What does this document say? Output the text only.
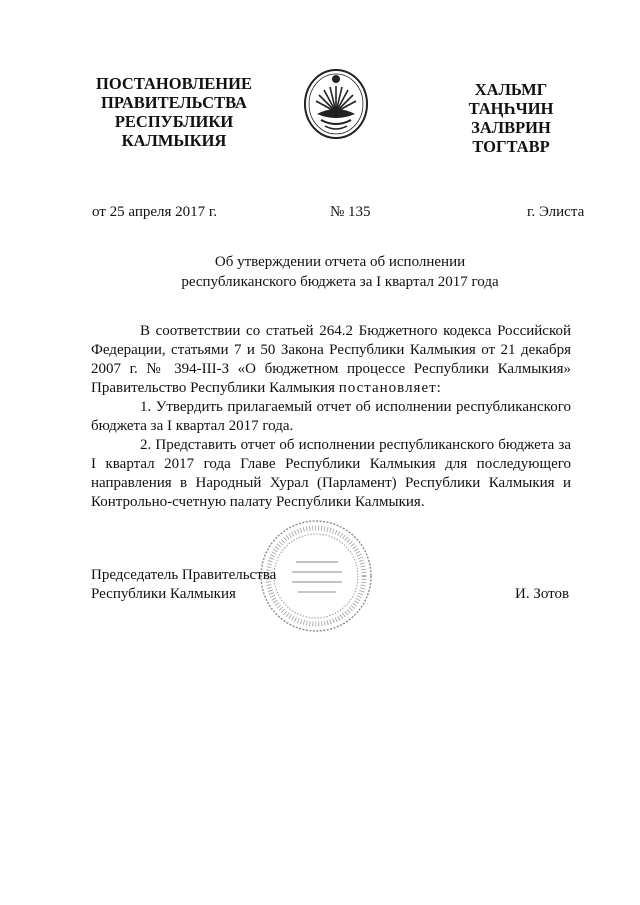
ПОСТАНОВЛЕНИЕ
ПРАВИТЕЛЬСТВА
РЕСПУБЛИКИ
КАЛМЫКИЯ
ХАЛЬМГ
ТАҢҺЧИН
ЗАЛВРИН
ТОГТАВР
от 25 апреля 2017 г.	№ 135	г. Элиста
Об утверждении отчета об исполнении
республиканского бюджета за I квартал 2017 года

В соответствии со статьей 264.2 Бюджетного кодекса Российской Федерации, статьями 7 и 50 Закона Республики Калмыкия от 21 декабря 2007 г. № 394-III-З «О бюджетном процессе Республики Калмыкия» Правительство Республики Калмыкия постановляет:

1. Утвердить прилагаемый отчет об исполнении республиканского бюджета за I квартал 2017 года.

2. Представить отчет об исполнении республиканского бюджета за I квартал 2017 года Главе Республики Калмыкия для последующего направления в Народный Хурал (Парламент) Республики Калмыкия и Контрольно-счетную палату Республики Калмыкия.

Председатель Правительства
Республики Калмыкия	И. Зотов
